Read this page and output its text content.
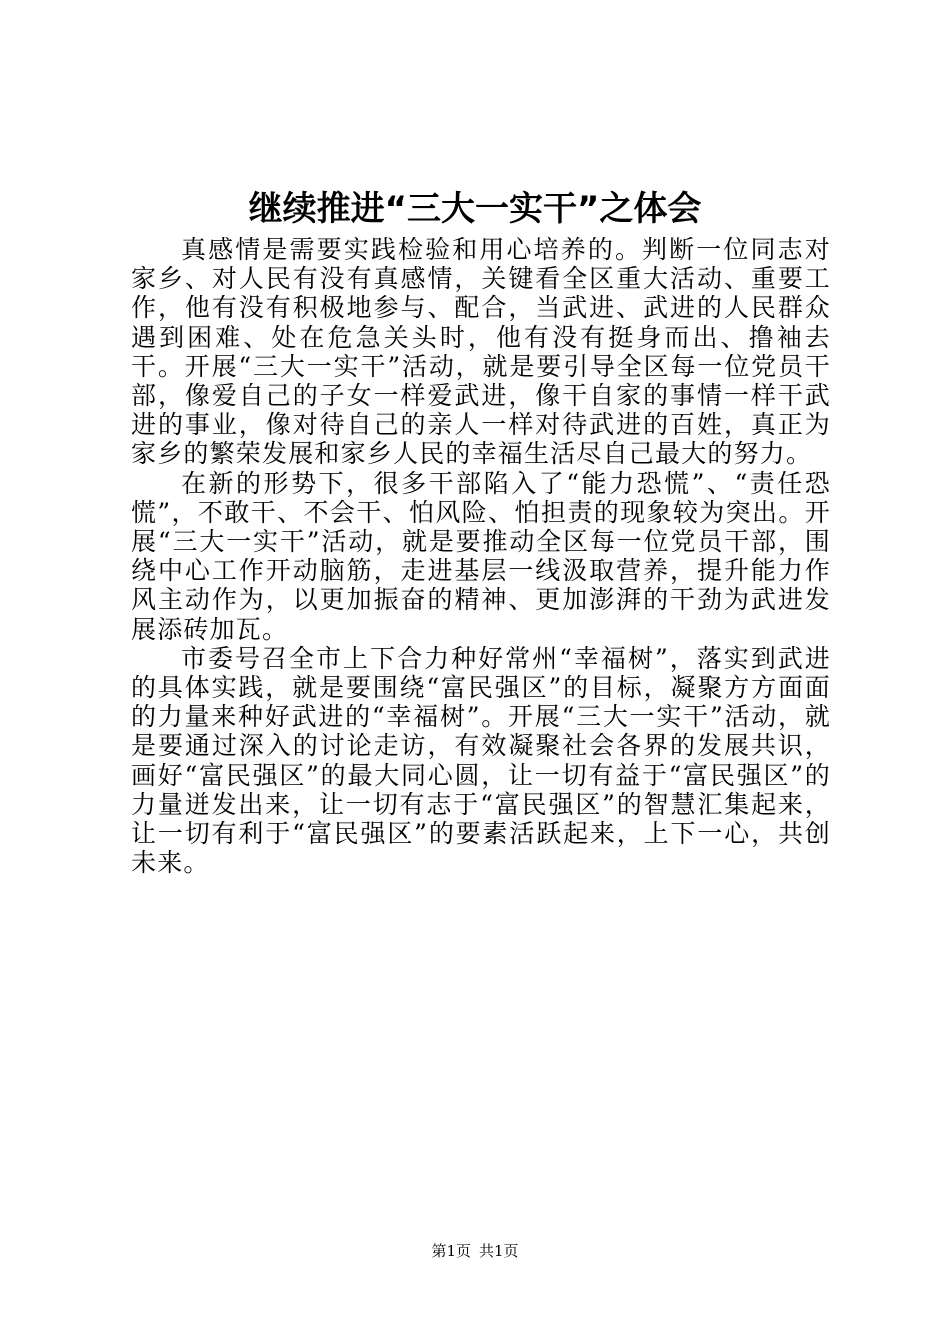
继续推进“三大一实干”之体会

真感情是需要实践检验和用心培养的。判断一位同志对家乡、对人民有没有真感情，关键看全区重大活动、重要工作，他有没有积极地参与、配合，当武进、武进的人民群众遇到困难、处在危急关头时，他有没有挺身而出、撸袖去干。开展“三大一实干”活动，就是要引导全区每一位党员干部，像爱自己的子女一样爱武进，像干自家的事情一样干武进的事业，像对待自己的亲人一样对待武进的百姓，真正为家乡的繁荣发展和家乡人民的幸福生活尽自己最大的努力。

在新的形势下，很多干部陷入了“能力恐慌”、“责任恐慌”，不敢干、不会干、怕风险、怕担责的现象较为突出。开展“三大一实干”活动，就是要推动全区每一位党员干部，围绕中心工作开动脑筋，走进基层一线汲取营养，提升能力作风主动作为，以更加振奋的精神、更加澎湃的干劲为武进发展添砖加瓦。

市委号召全市上下合力种好常州“幸福树”，落实到武进的具体实践，就是要围绕“富民强区”的目标，凝聚方方面面的力量来种好武进的“幸福树”。开展“三大一实干”活动，就是要通过深入的讨论走访，有效凝聚社会各界的发展共识，画好“富民强区”的最大同心圆，让一切有益于“富民强区”的力量迸发出来，让一切有志于“富民强区”的智慧汇集起来，让一切有利于“富民强区”的要素活跃起来，上下一心，共创未来。

第1页 共1页
